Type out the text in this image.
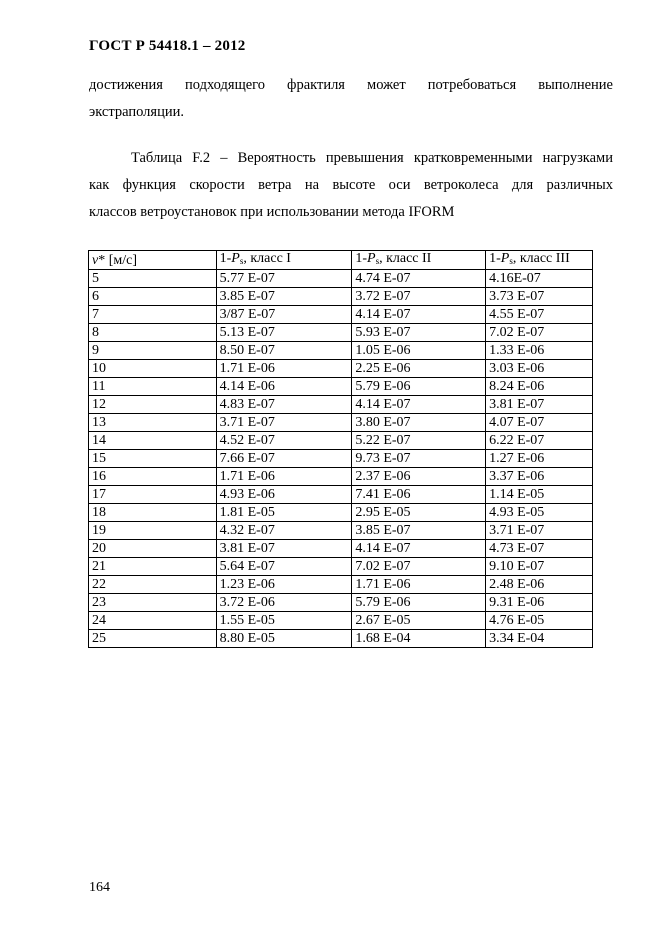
ГОСТ Р 54418.1 – 2012
достижения подходящего фрактиля может потребоваться выполнение
экстраполяции.
Таблица F.2 – Вероятность превышения кратковременными нагрузками
как функция скорости ветра на высоте оси ветроколеса для различных
классов ветроустановок при использовании метода IFORM
v* [м/с]	$1-P_s$, класс I	$1-P_s$, класс II	$1-P_s$, класс III
5	5.77 E-07	4.74 E-07	4.16E-07
6	3.85 E-07	3.72 E-07	3.73 E-07
7	3/87 E-07	4.14 E-07	4.55 E-07
8	5.13 E-07	5.93 E-07	7.02 E-07
9	8.50 E-07	1.05 E-06	1.33 E-06
10	1.71 E-06	2.25 E-06	3.03 E-06
11	4.14 E-06	5.79 E-06	8.24 E-06
12	4.83 E-07	4.14 E-07	3.81 E-07
13	3.71 E-07	3.80 E-07	4.07 E-07
14	4.52 E-07	5.22 E-07	6.22 E-07
15	7.66 E-07	9.73 E-07	1.27 E-06
16	1.71 E-06	2.37 E-06	3.37 E-06
17	4.93 E-06	7.41 E-06	1.14 E-05
18	1.81 E-05	2.95 E-05	4.93 E-05
19	4.32 E-07	3.85 E-07	3.71 E-07
20	3.81 E-07	4.14 E-07	4.73 E-07
21	5.64 E-07	7.02 E-07	9.10 E-07
22	1.23 E-06	1.71 E-06	2.48 E-06
23	3.72 E-06	5.79 E-06	9.31 E-06
24	1.55 E-05	2.67 E-05	4.76 E-05
25	8.80 E-05	1.68 E-04	3.34 E-04
164
